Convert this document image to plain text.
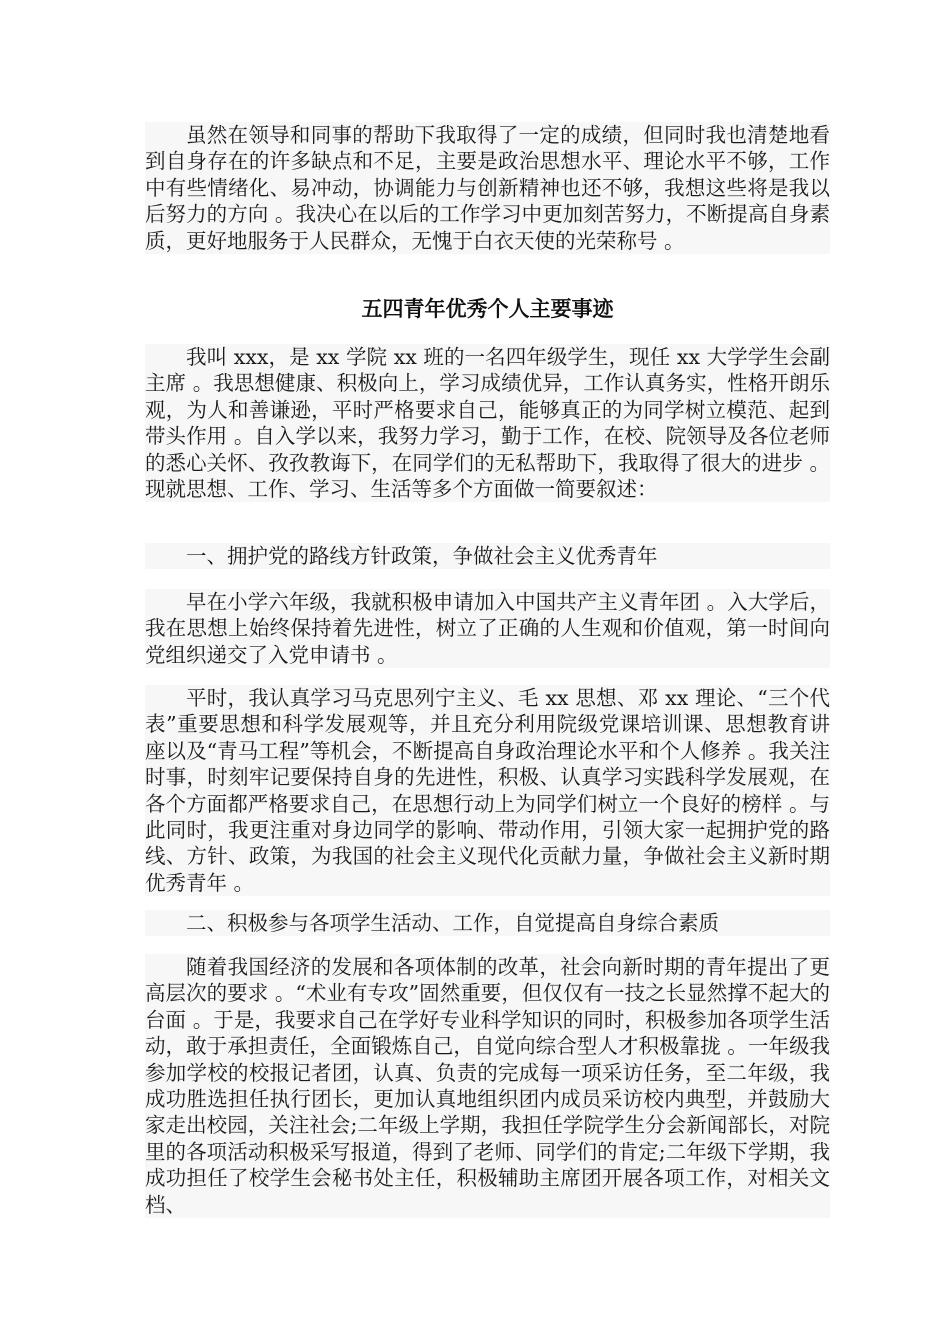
虽然在领导和同事的帮助下我取得了一定的成绩，但同时我也清楚地看到自身存在的许多缺点和不足，主要是政治思想水平、理论水平不够，工作中有些情绪化、易冲动，协调能力与创新精神也还不够，我想这些将是我以后努力的方向 。我决心在以后的工作学习中更加刻苦努力，不断提高自身素质，更好地服务于人民群众，无愧于白衣天使的光荣称号 。

五四青年优秀个人主要事迹

我叫 xxx，是 xx 学院 xx 班的一名四年级学生，现任 xx 大学学生会副主席 。我思想健康、积极向上，学习成绩优异，工作认真务实，性格开朗乐观，为人和善谦逊，平时严格要求自己，能够真正的为同学树立模范、起到带头作用 。自入学以来，我努力学习，勤于工作，在校、院领导及各位老师的悉心关怀、孜孜教诲下，在同学们的无私帮助下，我取得了很大的进步 。现就思想、工作、学习、生活等多个方面做一简要叙述：

一、拥护党的路线方针政策，争做社会主义优秀青年

早在小学六年级，我就积极申请加入中国共产主义青年团 。入大学后，我在思想上始终保持着先进性，树立了正确的人生观和价值观，第一时间向党组织递交了入党申请书 。

平时，我认真学习马克思列宁主义、毛 xx 思想、邓 xx 理论、“三个代表”重要思想和科学发展观等，并且充分利用院级党课培训课、思想教育讲座以及“青马工程”等机会，不断提高自身政治理论水平和个人修养 。我关注时事，时刻牢记要保持自身的先进性，积极、认真学习实践科学发展观，在各个方面都严格要求自己，在思想行动上为同学们树立一个良好的榜样 。与此同时，我更注重对身边同学的影响、带动作用，引领大家一起拥护党的路线、方针、政策，为我国的社会主义现代化贡献力量，争做社会主义新时期优秀青年 。

二、积极参与各项学生活动、工作，自觉提高自身综合素质

随着我国经济的发展和各项体制的改革，社会向新时期的青年提出了更高层次的要求 。“术业有专攻”固然重要，但仅仅有一技之长显然撑不起大的台面 。于是，我要求自己在学好专业科学知识的同时，积极参加各项学生活动，敢于承担责任，全面锻炼自己，自觉向综合型人才积极靠拢 。一年级我参加学校的校报记者团，认真、负责的完成每一项采访任务，至二年级，我成功胜选担任执行团长，更加认真地组织团内成员采访校内典型，并鼓励大家走出校园，关注社会;二年级上学期，我担任学院学生分会新闻部长，对院里的各项活动积极采写报道，得到了老师、同学们的肯定;二年级下学期，我成功担任了校学生会秘书处主任，积极辅助主席团开展各项工作，对相关文档、
